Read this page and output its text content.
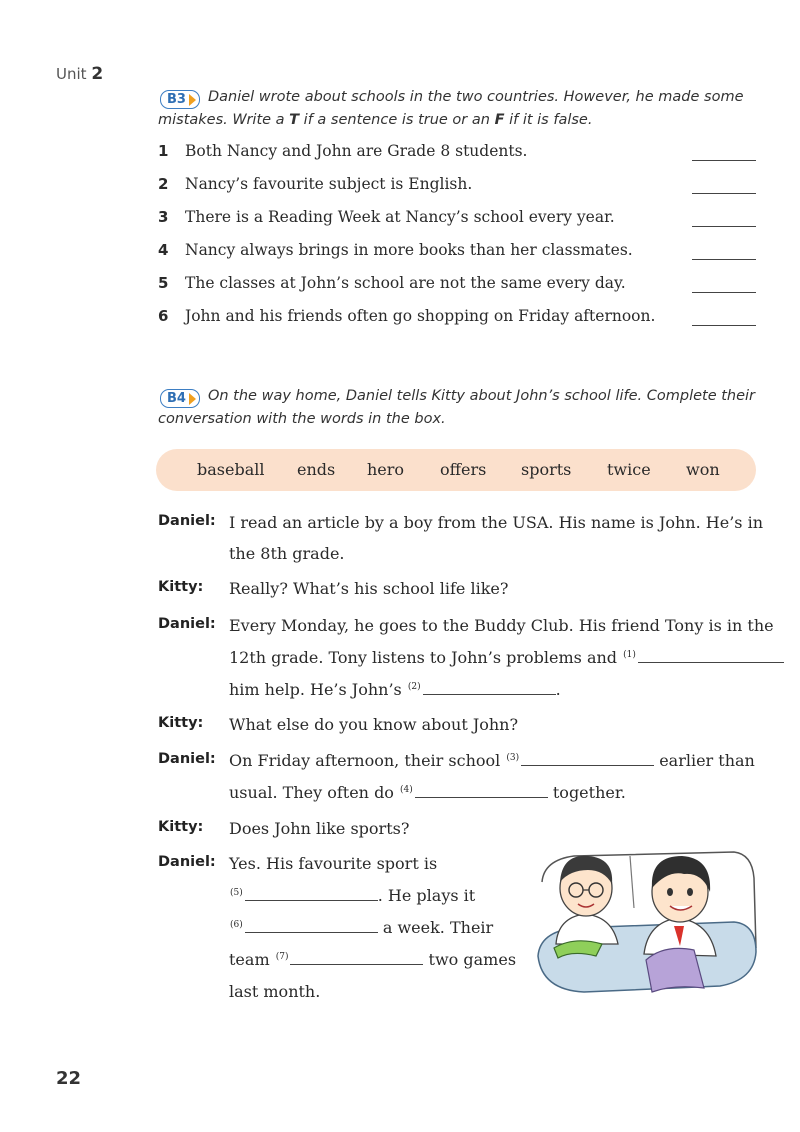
Unit 2
B3 Daniel wrote about schools in the two countries. However, he made some
mistakes. Write a T if a sentence is true or an F if it is false.
1 Both Nancy and John are Grade 8 students.
2 Nancy’s favourite subject is English.
3 There is a Reading Week at Nancy’s school every year.
4 Nancy always brings in more books than her classmates.
5 The classes at John’s school are not the same every day.
6 John and his friends often go shopping on Friday afternoon.
B4 On the way home, Daniel tells Kitty about John’s school life. Complete their
conversation with the words in the box.
baseball ends hero offers sports twice won
Daniel: I read an article by a boy from the USA. His name is John. He’s in
the 8th grade.
Kitty: Really? What’s his school life like?
Daniel: Every Monday, he goes to the Buddy Club. His friend Tony is in the
12th grade. Tony listens to John’s problems and $^{(1)}$
him help. He’s John’s $^{(2)}$	.
Kitty: What else do you know about John?
Daniel: On Friday afternoon, their school $^{(3)}$	earlier than
usual. They often do $^{(4)}$	together.
Kitty: Does John like sports?
Daniel: Yes. His favourite sport is
$^{(5)}$	. He plays it
$^{(6)}$	a week. Their
team $^{(7)}$	two games
last month.
22
